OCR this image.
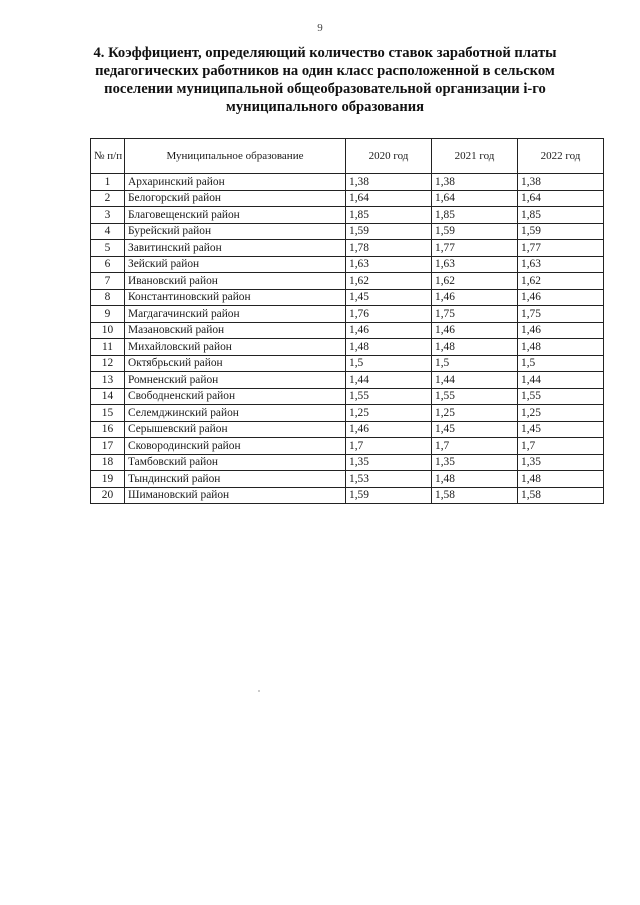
9
4. Коэффициент, определяющий количество ставок заработной платы
педагогических работников на один класс расположенной в сельском
поселении муниципальной общеобразовательной организации i-го
муниципального образования
№ п/п	Муниципальное образование	2020 год	2021 год	2022 год
1	Архаринский район	1,38	1,38	1,38
2	Белогорский район	1,64	1,64	1,64
3	Благовещенский район	1,85	1,85	1,85
4	Бурейский район	1,59	1,59	1,59
5	Завитинский район	1,78	1,77	1,77
6	Зейский район	1,63	1,63	1,63
7	Ивановский район	1,62	1,62	1,62
8	Константиновский район	1,45	1,46	1,46
9	Магдагачинский район	1,76	1,75	1,75
10	Мазановский район	1,46	1,46	1,46
11	Михайловский район	1,48	1,48	1,48
12	Октябрьский район	1,5	1,5	1,5
13	Ромненский район	1,44	1,44	1,44
14	Свободненский район	1,55	1,55	1,55
15	Селемджинский район	1,25	1,25	1,25
16	Серышевский район	1,46	1,45	1,45
17	Сковородинский район	1,7	1,7	1,7
18	Тамбовский район	1,35	1,35	1,35
19	Тындинский район	1,53	1,48	1,48
20	Шимановский район	1,59	1,58	1,58
